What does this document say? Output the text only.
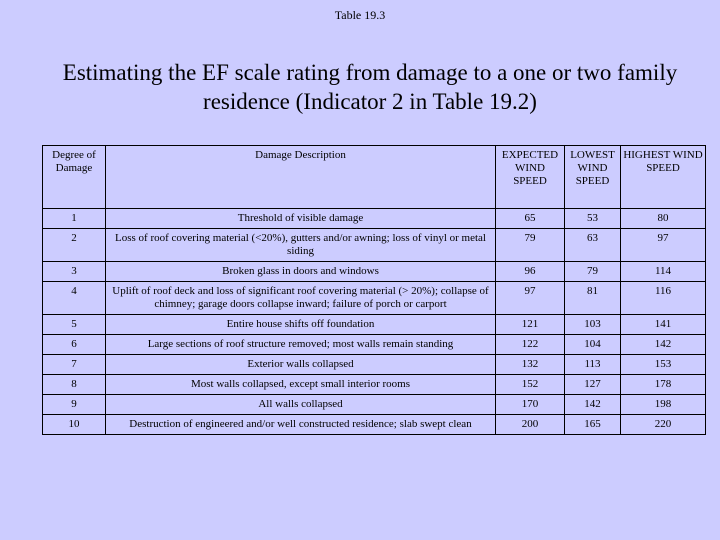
Table 19.3
Estimating the EF scale rating from damage to a one or two family residence (Indicator 2 in Table 19.2)
Degree of Damage	Damage Description	EXPECTED WIND SPEED	LOWEST WIND SPEED	HIGHEST WIND SPEED
1	Threshold of visible damage	65	53	80
2	Loss of roof covering material (<20%), gutters and/or awning; loss of vinyl or metal siding	79	63	97
3	Broken glass in doors and windows	96	79	114
4	Uplift of roof deck and loss of significant roof covering material (> 20%); collapse of chimney; garage doors collapse inward; failure of porch or carport	97	81	116
5	Entire house shifts off foundation	121	103	141
6	Large sections of roof structure removed; most walls remain standing	122	104	142
7	Exterior walls collapsed	132	113	153
8	Most walls collapsed, except small interior rooms	152	127	178
9	All walls collapsed	170	142	198
10	Destruction of engineered and/or well constructed residence; slab swept clean	200	165	220
